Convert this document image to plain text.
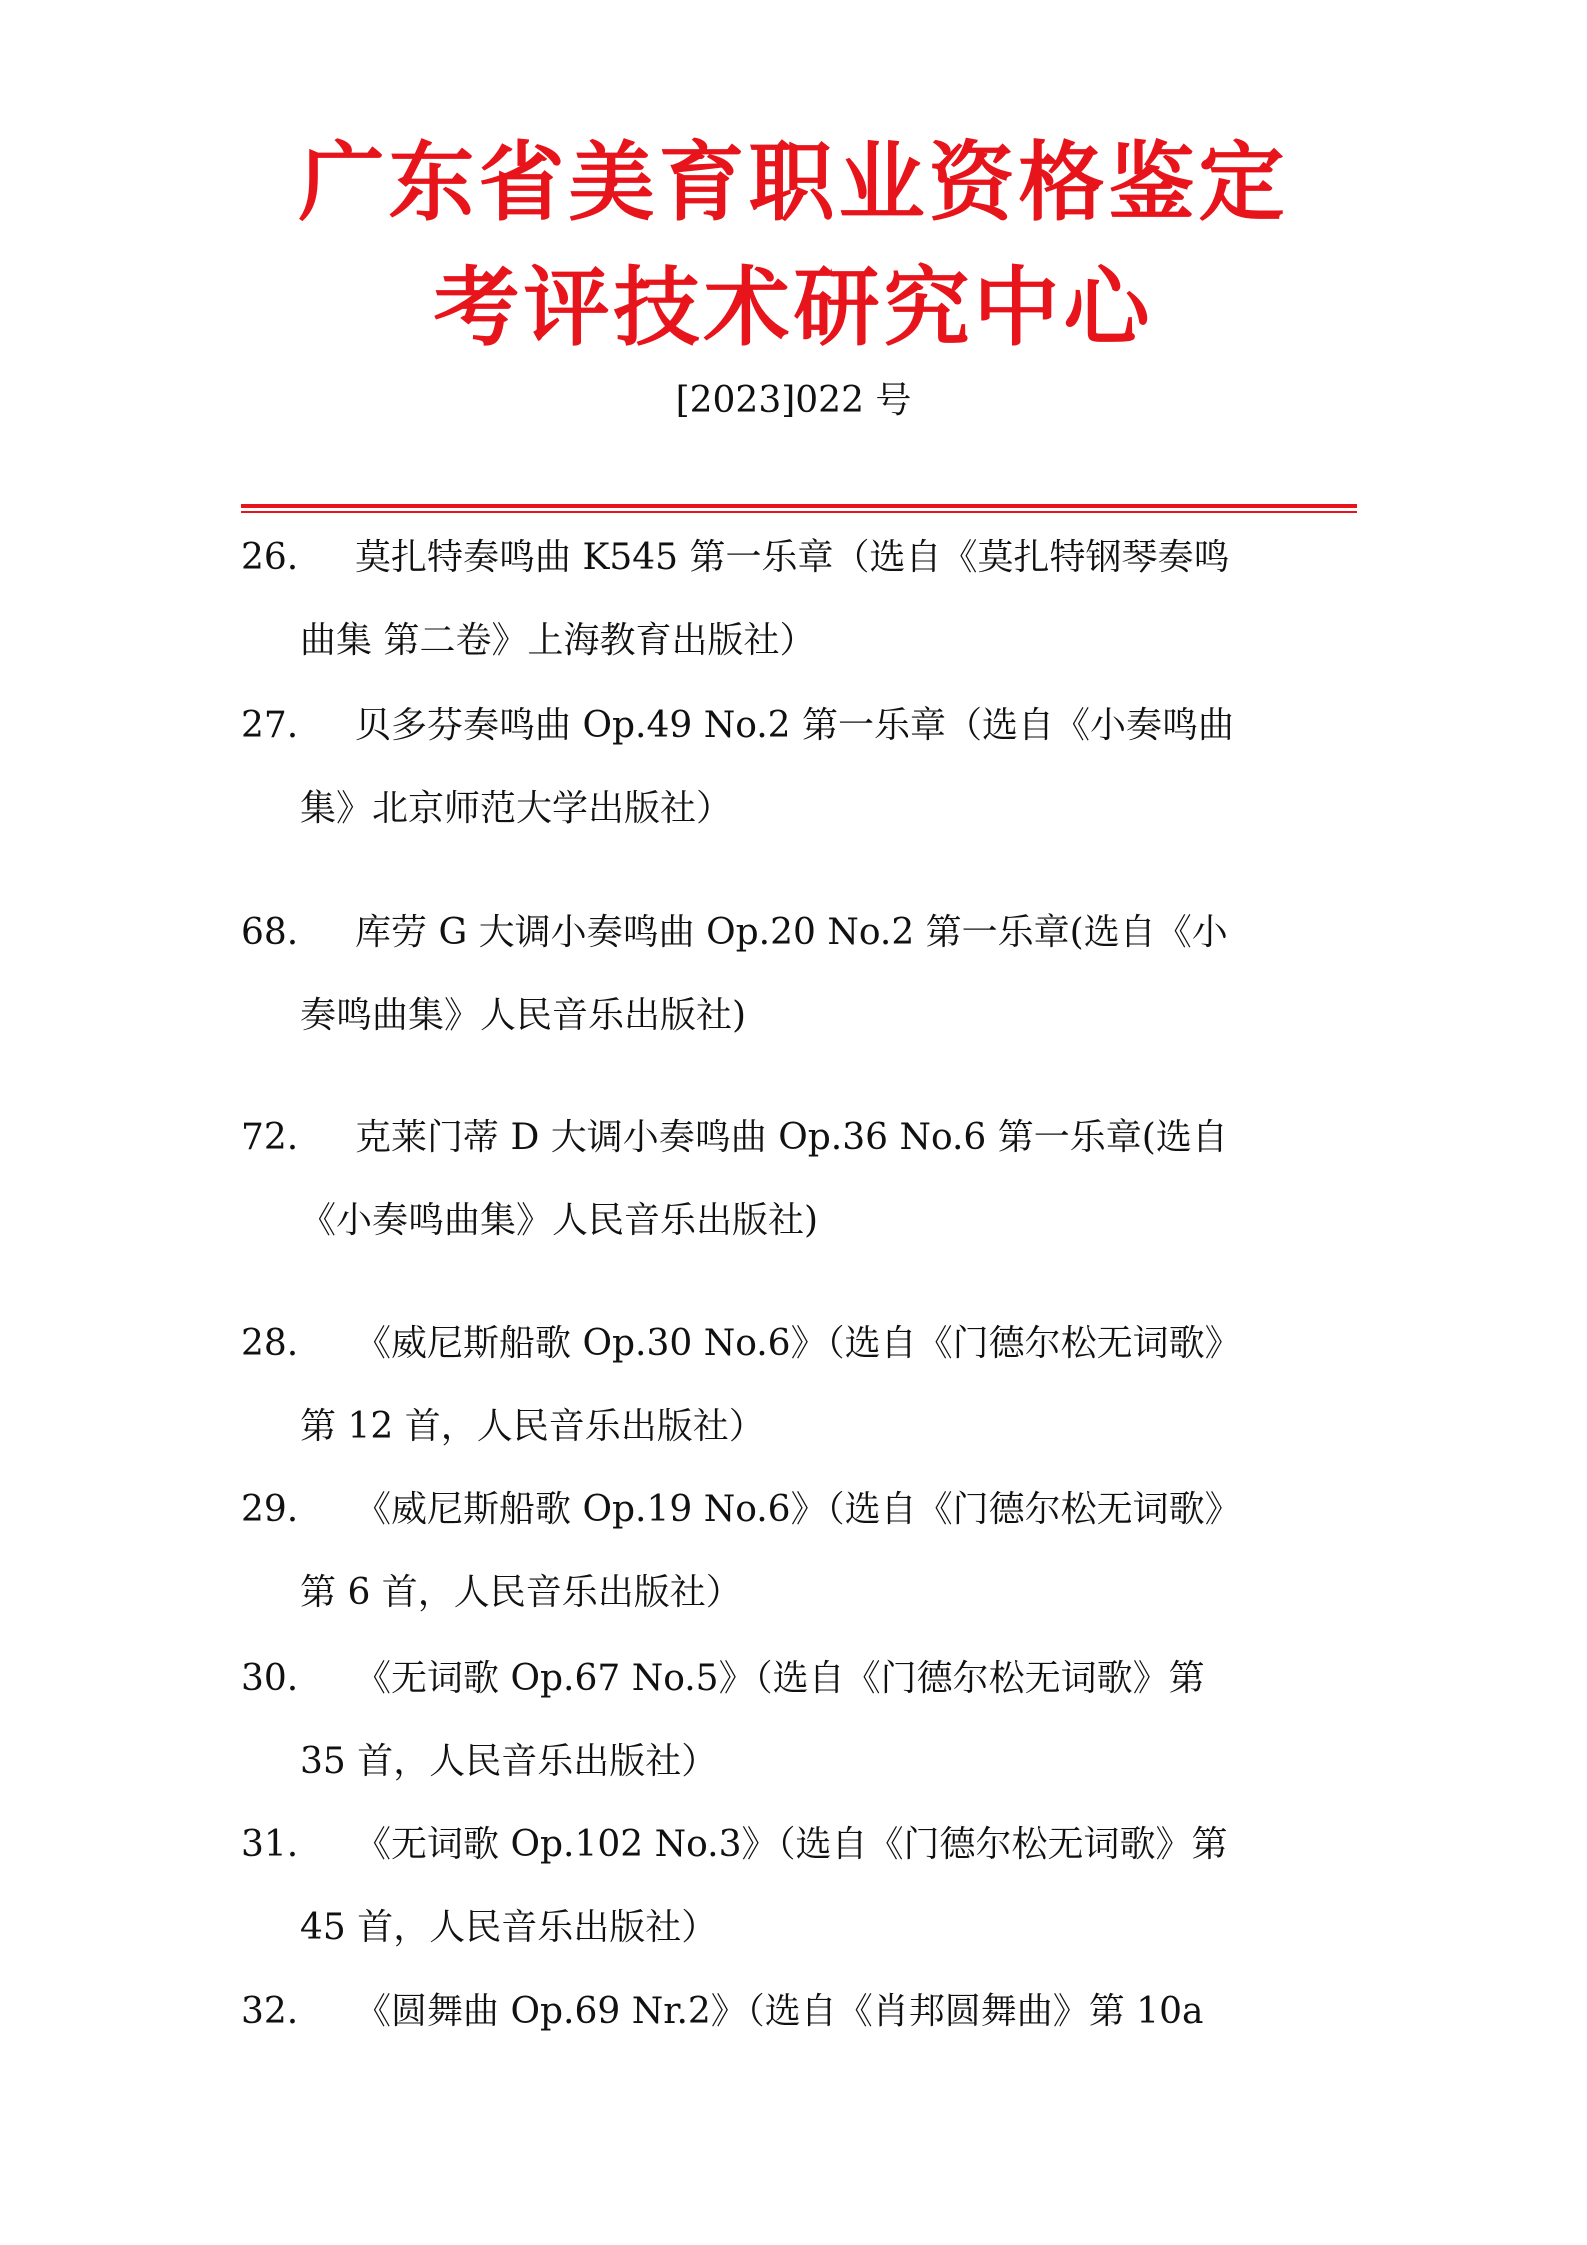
广东省美育职业资格鉴定
考评技术研究中心
[2023]022 号
26. 莫扎特奏鸣曲 K545 第一乐章（选自《莫扎特钢琴奏鸣
曲集 第二卷》上海教育出版社）
27. 贝多芬奏鸣曲 Op.49 No.2 第一乐章（选自《小奏鸣曲
集》北京师范大学出版社）
68. 库劳 G 大调小奏鸣曲 Op.20 No.2 第一乐章(选自《小
奏鸣曲集》人民音乐出版社)
72. 克莱门蒂 D 大调小奏鸣曲 Op.36 No.6 第一乐章(选自
《小奏鸣曲集》人民音乐出版社)
28. 《威尼斯船歌 Op.30 No.6》（选自《门德尔松无词歌》
第 12 首，人民音乐出版社）
29. 《威尼斯船歌 Op.19 No.6》（选自《门德尔松无词歌》
第 6 首，人民音乐出版社）
30. 《无词歌 Op.67 No.5》（选自《门德尔松无词歌》第
35 首，人民音乐出版社）
31. 《无词歌 Op.102 No.3》（选自《门德尔松无词歌》第
45 首，人民音乐出版社）
32. 《圆舞曲 Op.69 Nr.2》（选自《肖邦圆舞曲》第 10a
